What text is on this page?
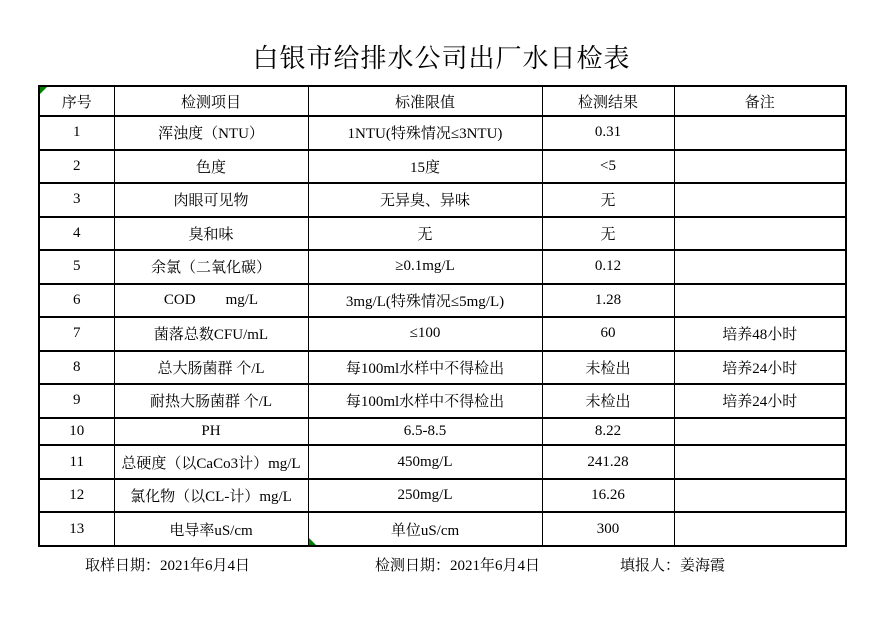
白银市给排水公司出厂水日检表
序号	检测项目	标准限值	检测结果	备注
1	浑浊度（NTU）	1NTU(特殊情况≤3NTU)	0.31	
2	色度	15度	<5	
3	肉眼可见物	无异臭、异味	无	
4	臭和味	无	无	
5	余氯（二氧化碳）	≥0.1mg/L	0.12	
6	COD        mg/L	3mg/L(特殊情况≤5mg/L)	1.28	
7	菌落总数CFU/mL	≤100	60	培养48小时
8	总大肠菌群 个/L	每100ml水样中不得检出	未检出	培养24小时
9	耐热大肠菌群 个/L	每100ml水样中不得检出	未检出	培养24小时
10	PH	6.5-8.5	8.22	
11	总硬度（以CaCo3计）mg/L	450mg/L	241.28	
12	氯化物（以CL-计）mg/L	250mg/L	16.26	
13	电导率uS/cm	单位uS/cm	300	
取样日期：2021年6月4日	检测日期：2021年6月4日	填报人：姜海霞
